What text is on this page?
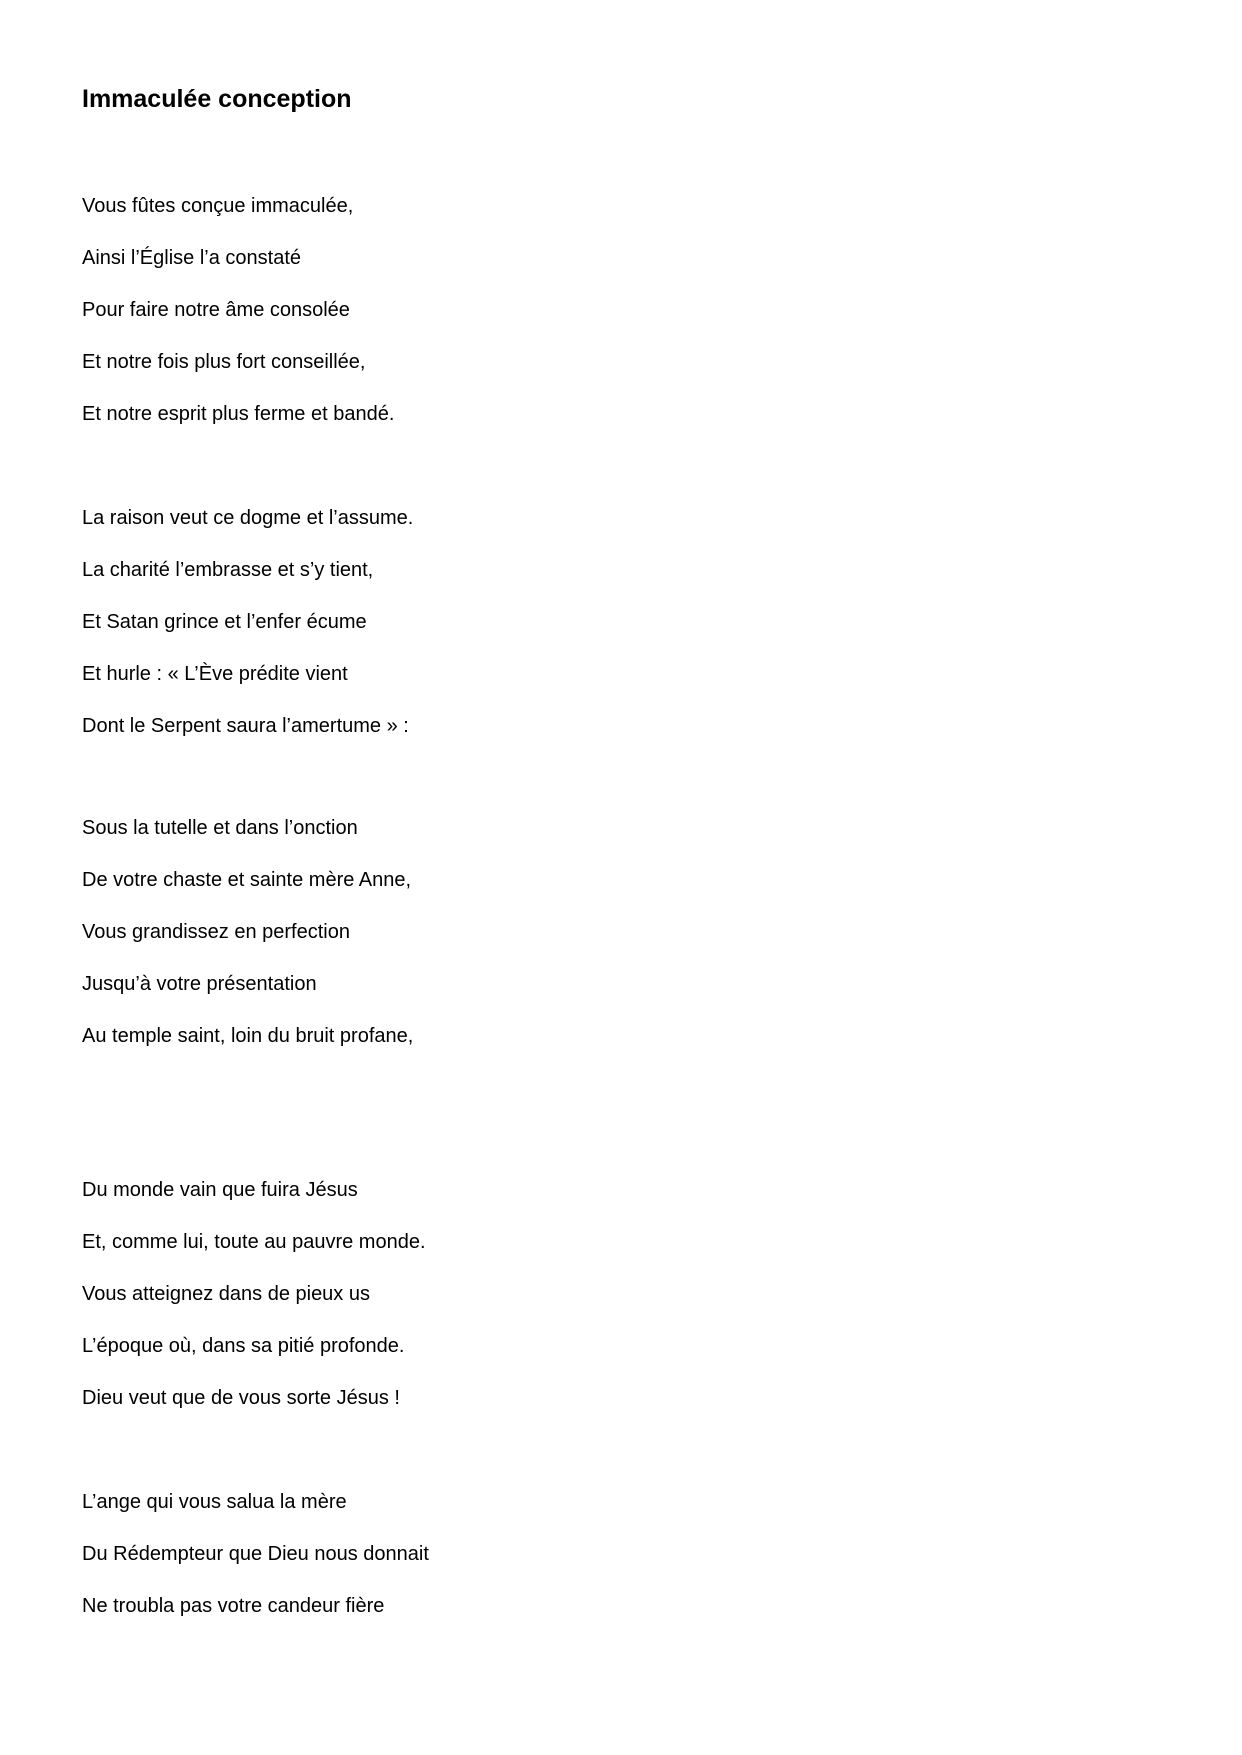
Immaculée conception

Vous fûtes conçue immaculée,

Ainsi l’Église l’a constaté

Pour faire notre âme consolée

Et notre fois plus fort conseillée,

Et notre esprit plus ferme et bandé.

La raison veut ce dogme et l’assume.

La charité l’embrasse et s’y tient,

Et Satan grince et l’enfer écume

Et hurle : « L’Ève prédite vient

Dont le Serpent saura l’amertume » :

Sous la tutelle et dans l’onction

De votre chaste et sainte mère Anne,

Vous grandissez en perfection

Jusqu’à votre présentation

Au temple saint, loin du bruit profane,

Du monde vain que fuira Jésus

Et, comme lui, toute au pauvre monde.

Vous atteignez dans de pieux us

L’époque où, dans sa pitié profonde.

Dieu veut que de vous sorte Jésus !

L’ange qui vous salua la mère

Du Rédempteur que Dieu nous donnait

Ne troubla pas votre candeur fière
